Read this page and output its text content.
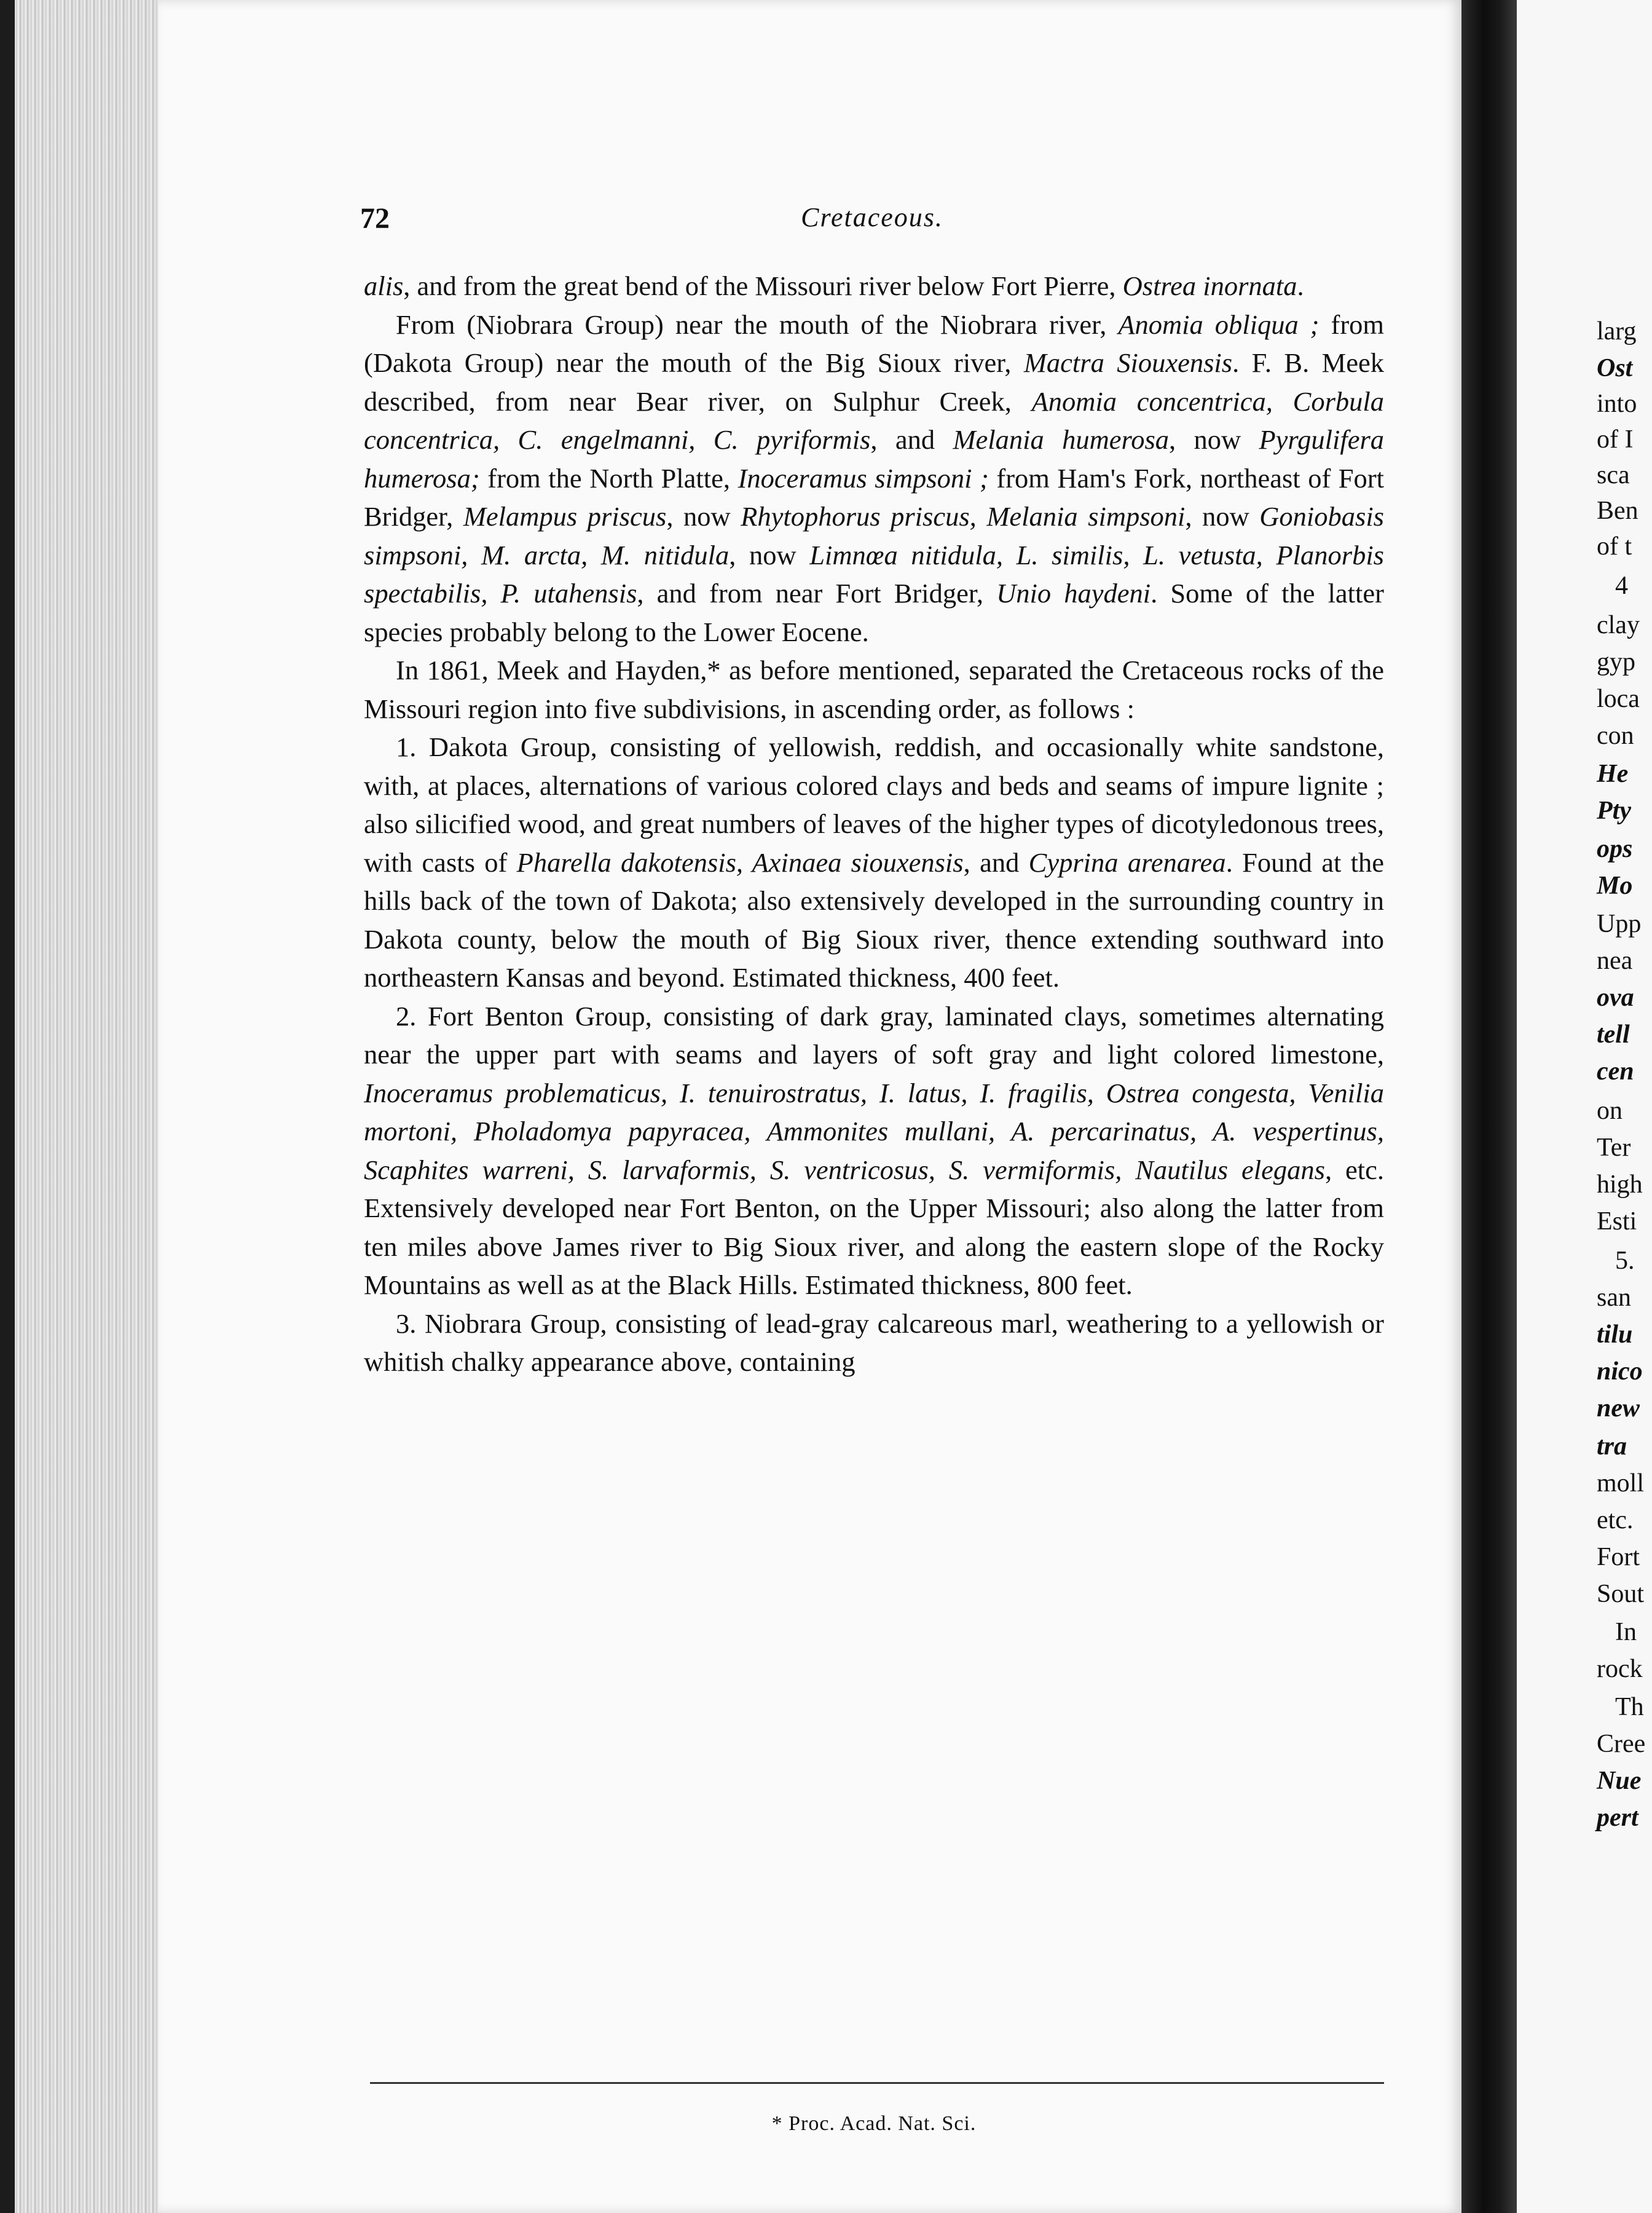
72	Cretaceous.

alis, and from the great bend of the Missouri river below Fort Pierre, Ostrea inornata.

From (Niobrara Group) near the mouth of the Niobrara river, Anomia obliqua ; from (Dakota Group) near the mouth of the Big Sioux river, Mactra Siouxensis. F. B. Meek described, from near Bear river, on Sulphur Creek, Anomia concentrica, Corbula concentrica, C. engelmanni, C. pyriformis, and Melania humerosa, now Pyrgulifera humerosa; from the North Platte, Inoceramus simpsoni ; from Ham's Fork, northeast of Fort Bridger, Melampus priscus, now Rhytophorus priscus, Melania simpsoni, now Goniobasis simpsoni, M. arcta, M. nitidula, now Limnœa nitidula, L. similis, L. vetusta, Planorbis spectabilis, P. utahensis, and from near Fort Bridger, Unio haydeni. Some of the latter species probably belong to the Lower Eocene.

In 1861, Meek and Hayden,* as before mentioned, separated the Cretaceous rocks of the Missouri region into five subdivisions, in ascending order, as follows :

1. Dakota Group, consisting of yellowish, reddish, and occasionally white sandstone, with, at places, alternations of various colored clays and beds and seams of impure lignite ; also silicified wood, and great numbers of leaves of the higher types of dicotyledonous trees, with casts of Pharella dakotensis, Axinaea siouxensis, and Cyprina arenarea. Found at the hills back of the town of Dakota; also extensively developed in the surrounding country in Dakota county, below the mouth of Big Sioux river, thence extending southward into northeastern Kansas and beyond. Estimated thickness, 400 feet.

2. Fort Benton Group, consisting of dark gray, laminated clays, sometimes alternating near the upper part with seams and layers of soft gray and light colored limestone, Inoceramus problematicus, I. tenuirostratus, I. latus, I. fragilis, Ostrea congesta, Venilia mortoni, Pholadomya papyracea, Ammonites mullani, A. percarinatus, A. vespertinus, Scaphites warreni, S. larvaformis, S. ventricosus, S. vermiformis, Nautilus elegans, etc. Extensively developed near Fort Benton, on the Upper Missouri; also along the latter from ten miles above James river to Big Sioux river, and along the eastern slope of the Rocky Mountains as well as at the Black Hills. Estimated thickness, 800 feet.

3. Niobrara Group, consisting of lead-gray calcareous marl, weathering to a yellowish or whitish chalky appearance above, containing

* Proc. Acad. Nat. Sci.
larg
Ost
into
of I
sca
Ben
of t
4
clay
gyp
loca
con
He
Pty
ops
Mo
Upp
nea
ova
tell
cen
on
Ter
high
Esti
5.
san
tilu
nico
new
tra
moll
etc.
Fort
Sout
In
rock
Th
Cree
Nue
pert
